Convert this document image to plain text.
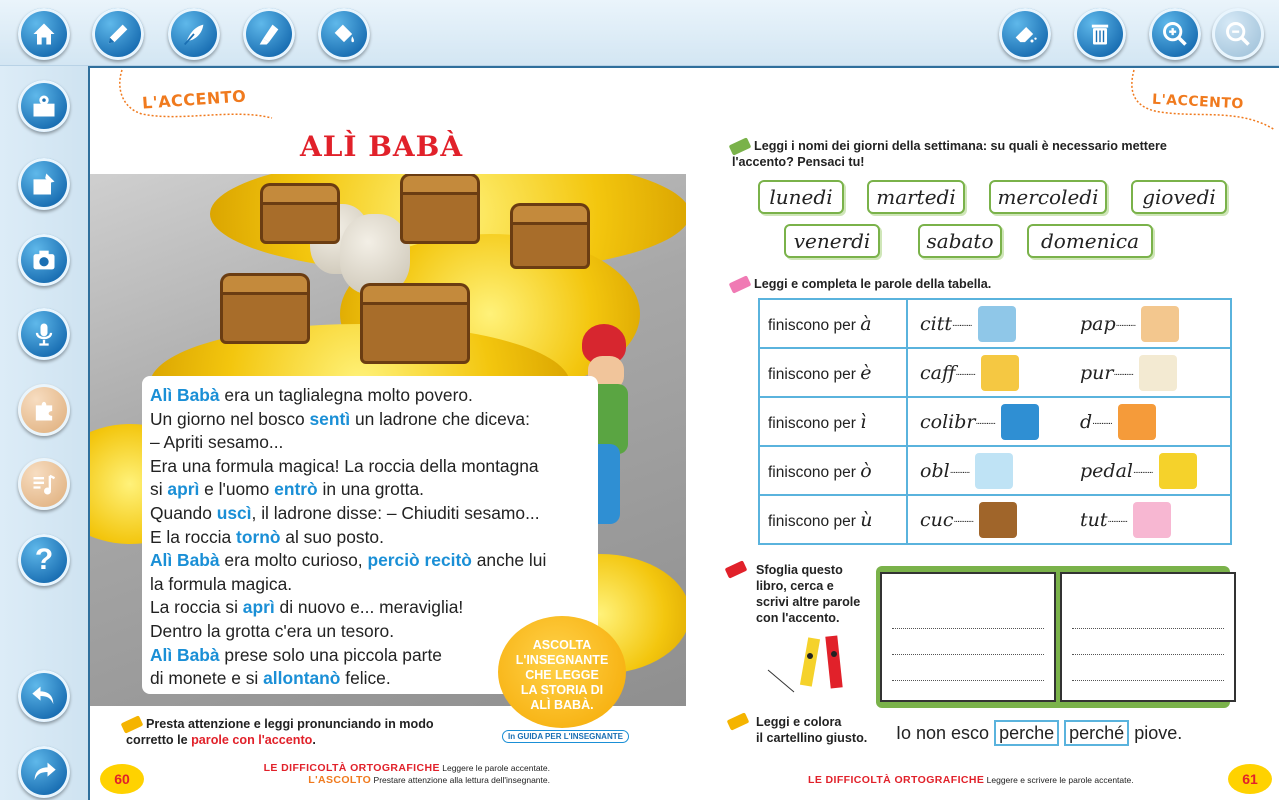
?
L'ACCENTO
ALÌ BABÀ
Alì Babà era un taglialegna molto povero.
Un giorno nel bosco sentì un ladrone che diceva:
– Apriti sesamo...
Era una formula magica! La roccia della montagna
si aprì e l'uomo entrò in una grotta.
Quando uscì, il ladrone disse: – Chiuditi sesamo...
E la roccia tornò al suo posto.
Alì Babà era molto curioso, perciò recitò anche lui
la formula magica.
La roccia si aprì di nuovo e... meraviglia!
Dentro la grotta c'era un tesoro.
Alì Babà prese solo una piccola parte
di monete e si allontanò felice.
ASCOLTA
L'INSEGNANTE
CHE LEGGE
LA STORIA DI
ALÌ BABÀ.
In GUIDA PER L'INSEGNANTE
Presta attenzione e leggi pronunciando in modo
corretto le parole con l'accento.
LE DIFFICOLTÀ ORTOGRAFICHE Leggere le parole accentate.
L'ASCOLTO Prestare attenzione alla lettura dell'insegnante.
60
L'ACCENTO
Leggi i nomi dei giorni della settimana: su quali è necessario mettere
l'accento? Pensaci tu!
lunedi	martedi	mercoledi	giovedi
venerdi	sabato	domenica
Leggi e completa le parole della tabella.
finiscono per à	citt ........... pap ...........

finiscono per è	caff ........... pur ...........

finiscono per ì	colibr ........... d ...........

finiscono per ò	obl ........... pedal ...........

finiscono per ù	cuc ........... tut ...........
Sfoglia questo
libro, cerca e
scrivi altre parole
con l'accento.
Leggi e colora
il cartellino giusto. Io non esco perche perché piove.
LE DIFFICOLTÀ ORTOGRAFICHE Leggere e scrivere le parole accentate.	61
